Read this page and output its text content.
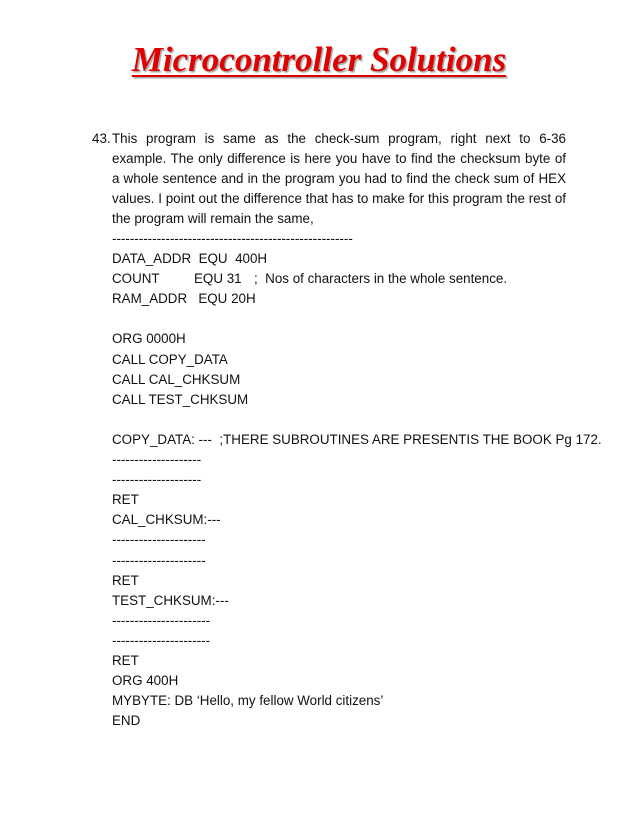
Microcontroller Solutions

43. This program is same as the check-sum program, right next to 6-36 example. The only difference is here you have to find the checksum byte of a whole sentence and in the program you had to find the check sum of HEX values. I point out the difference that has to make for this program the rest of the program will remain the same,

------------------------------------------------------
DATA_ADDR
EQU
400H
COUNT	EQU 31 ;  Nos of characters in the whole sentence.
RAM_ADDR
EQU 20H
ORG 0000H
CALL COPY_DATA
CALL CAL_CHKSUM
CALL TEST_CHKSUM
COPY_DATA: ---
;THERE SUBROUTINES ARE PRESENTIS THE BOOK Pg 172.
--------------------
--------------------
RET
CAL_CHKSUM:---
---------------------
---------------------
RET
TEST_CHKSUM:---
----------------------
----------------------
RET
ORG 400H
MYBYTE: DB ‘Hello, my fellow World citizens’
END
